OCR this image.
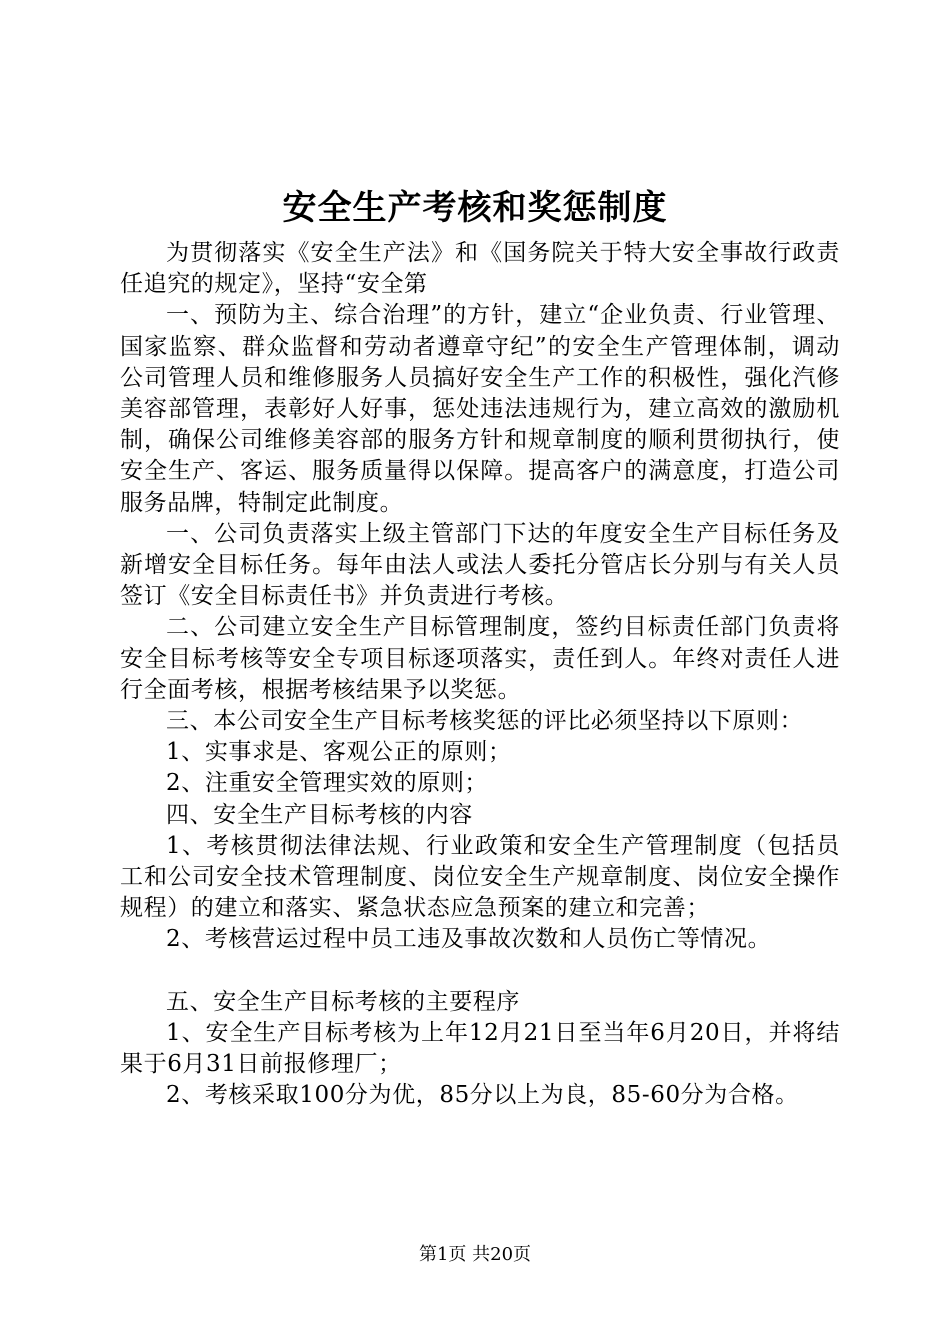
安全生产考核和奖惩制度

为贯彻落实《安全生产法》和《国务院关于特大安全事故行政责任追究的规定》，坚持“安全第

一、预防为主、综合治理”的方针，建立“企业负责、行业管理、国家监察、群众监督和劳动者遵章守纪”的安全生产管理体制，调动公司管理人员和维修服务人员搞好安全生产工作的积极性，强化汽修美容部管理，表彰好人好事，惩处违法违规行为，建立高效的激励机制，确保公司维修美容部的服务方针和规章制度的顺利贯彻执行，使安全生产、客运、服务质量得以保障。提高客户的满意度，打造公司服务品牌，特制定此制度。

一、公司负责落实上级主管部门下达的年度安全生产目标任务及新增安全目标任务。每年由法人或法人委托分管店长分别与有关人员签订《安全目标责任书》并负责进行考核。

二、公司建立安全生产目标管理制度，签约目标责任部门负责将安全目标考核等安全专项目标逐项落实，责任到人。年终对责任人进行全面考核，根据考核结果予以奖惩。

三、本公司安全生产目标考核奖惩的评比必须坚持以下原则：

1、实事求是、客观公正的原则；

2、注重安全管理实效的原则；

四、安全生产目标考核的内容

1、考核贯彻法律法规、行业政策和安全生产管理制度（包括员工和公司安全技术管理制度、岗位安全生产规章制度、岗位安全操作规程）的建立和落实、紧急状态应急预案的建立和完善；

2、考核营运过程中员工违及事故次数和人员伤亡等情况。

五、安全生产目标考核的主要程序

1、安全生产目标考核为上年12月21日至当年6月20日，并将结果于6月31日前报修理厂；

2、考核采取100分为优，85分以上为良，85-60分为合格。

第1页 共20页
